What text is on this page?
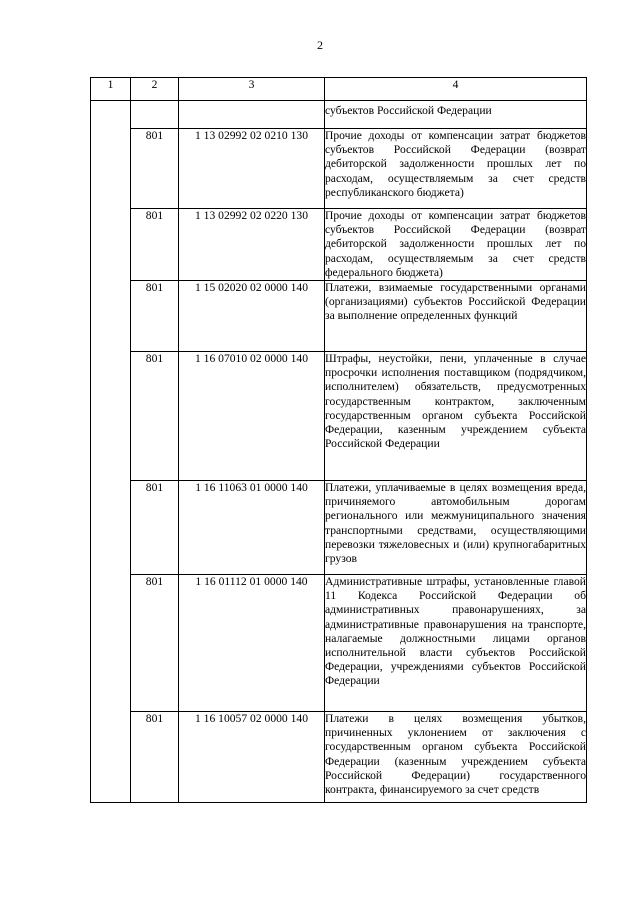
2
1	2	3	4
			субъектов Российской Федерации
	801	1 13 02992 02 0210 130	Прочие доходы от компенсации затрат бюджетов субъектов Российской Федерации (возврат дебиторской задолженности прошлых лет по расходам, осуществляемым за счет средств республиканского бюджета)
	801	1 13 02992 02 0220 130	Прочие доходы от компенсации затрат бюджетов субъектов Российской Федерации (возврат дебиторской задолженности прошлых лет по расходам, осуществляемым за счет средств федерального бюджета)
	801	1 15 02020 02 0000 140	Платежи, взимаемые государственными органами (организациями) субъектов Российской Федерации за выполнение определенных функций
	801	1 16 07010 02 0000 140	Штрафы, неустойки, пени, уплаченные в случае просрочки исполнения поставщиком (подрядчиком, исполнителем) обязательств, предусмотренных государственным контрактом, заключенным государственным органом субъекта Российской Федерации, казенным учреждением субъекта Российской Федерации
	801	1 16 11063 01 0000 140	Платежи, уплачиваемые в целях возмещения вреда, причиняемого автомобильным дорогам регионального или межмуниципального значения транспортными средствами, осуществляющими перевозки тяжеловесных и (или) крупногабаритных грузов
	801	1 16 01112 01 0000 140	Административные штрафы, установленные главой 11 Кодекса Российской Федерации об административных правонарушениях, за административные правонарушения на транспорте, налагаемые должностными лицами органов исполнительной власти субъектов Российской Федерации, учреждениями субъектов Российской Федерации
	801	1 16 10057 02 0000 140	Платежи в целях возмещения убытков, причиненных уклонением от заключения с государственным органом субъекта Российской Федерации (казенным учреждением субъекта Российской Федерации) государственного контракта, финансируемого за счет средств
